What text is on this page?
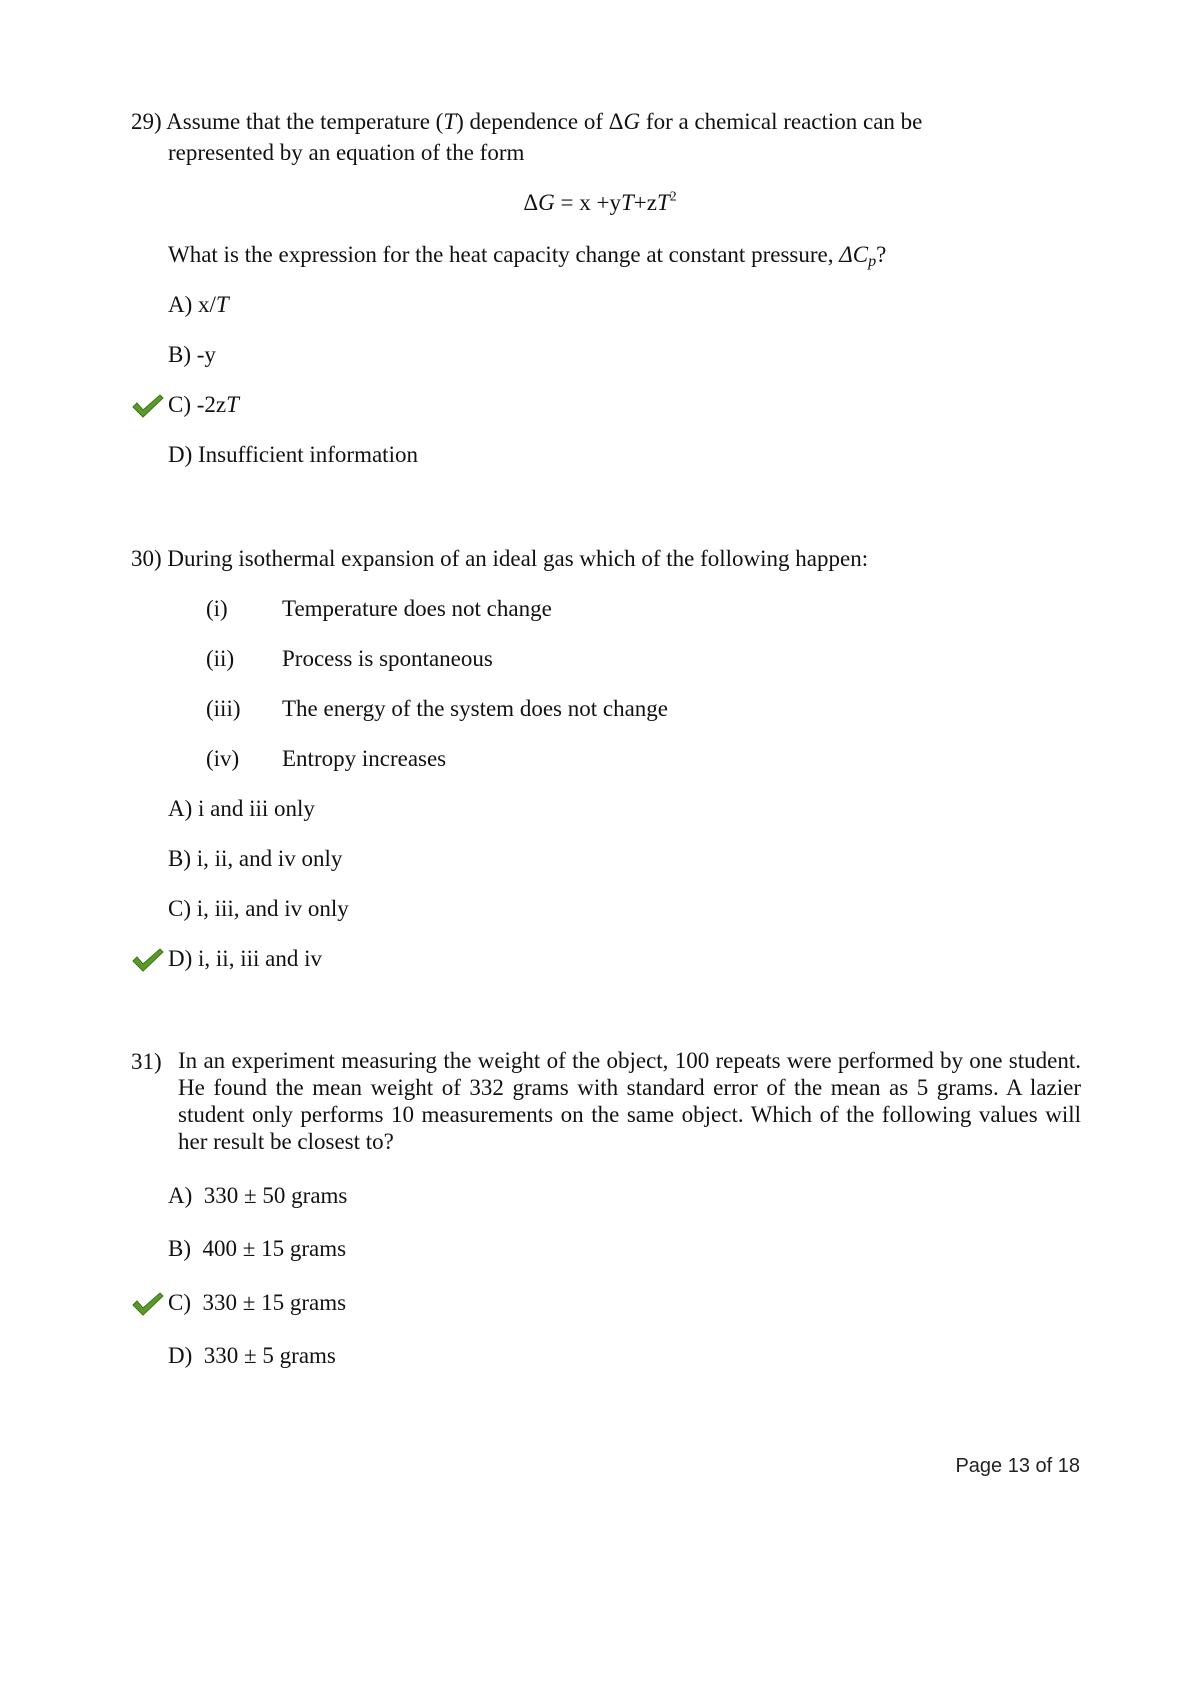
29) Assume that the temperature (T) dependence of ΔG for a chemical reaction can be
represented by an equation of the form
$\Delta G = x +yT+zT^2$
What is the expression for the heat capacity change at constant pressure, $\Delta C_p$?
A) x/T
B) -y
C) -2zT
D) Insufficient information
30) During isothermal expansion of an ideal gas which of the following happen:
(i) Temperature does not change
(ii) Process is spontaneous
(iii) The energy of the system does not change
(iv) Entropy increases
A) i and iii only
B) i, ii, and iv only
C) i, iii, and iv only
D) i, ii, iii and iv
31) In an experiment measuring the weight of the object, 100 repeats were performed by one student. He found the mean weight of 332 grams with standard error of the mean as 5 grams. A lazier student only performs 10 measurements on the same object. Which of the following values will her result be closest to?
A) 330 ± 50 grams
B) 400 ± 15 grams
C) 330 ± 15 grams
D) 330 ± 5 grams
Page 13 of 18
